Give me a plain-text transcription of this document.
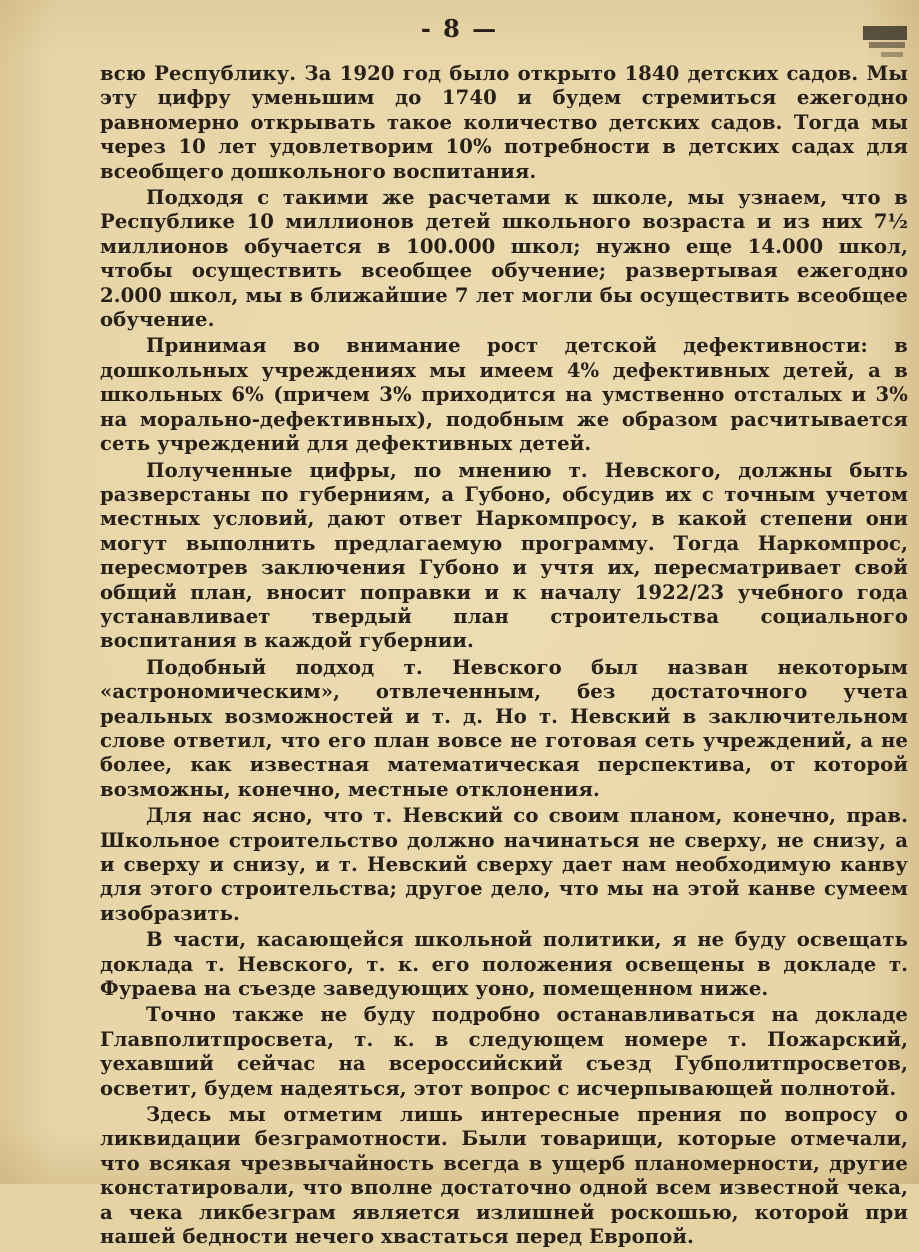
- 8 —

всю Республику. За 1920 год было открыто 1840 детских садов. Мы эту цифру уменьшим до 1740 и будем стремиться ежегодно равномерно открывать такое количество детских садов. Тогда мы через 10 лет удовлетворим 10% потребности в детских садах для всеобщего дошкольного воспитания.

Подходя с такими же расчетами к школе, мы узнаем, что в Республике 10 миллионов детей школьного возраста и из них 7½ миллионов обучается в 100.000 школ; нужно еще 14.000 школ, чтобы осуществить всеобщее обучение; развертывая ежегодно 2.000 школ, мы в ближайшие 7 лет могли бы осуществить всеобщее обучение.

Принимая во внимание рост детской дефективности: в дошкольных учреждениях мы имеем 4% дефективных детей, а в школьных 6% (причем 3% приходится на умственно отсталых и 3% на морально-дефективных), подобным же образом расчитывается сеть учреждений для дефективных детей.

Полученные цифры, по мнению т. Невского, должны быть разверстаны по губерниям, а Губоно, обсудив их с точным учетом местных условий, дают ответ Наркомпросу, в какой степени они могут выполнить предлагаемую программу. Тогда Наркомпрос, пересмотрев заключения Губоно и учтя их, пересматривает свой общий план, вносит поправки и к началу 1922/23 учебного года устанавливает твердый план строительства социального воспитания в каждой губернии.

Подобный подход т. Невского был назван некоторым «астрономическим», отвлеченным, без достаточного учета реальных возможностей и т. д. Но т. Невский в заключительном слове ответил, что его план вовсе не готовая сеть учреждений, а не более, как известная математическая перспектива, от которой возможны, конечно, местные отклонения.

Для нас ясно, что т. Невский со своим планом, конечно, прав. Школьное строительство должно начинаться не сверху, не снизу, а и сверху и снизу, и т. Невский сверху дает нам необходимую канву для этого строительства; другое дело, что мы на этой канве сумеем изобразить.

В части, касающейся школьной политики, я не буду освещать доклада т. Невского, т. к. его положения освещены в докладе т. Фураева на съезде заведующих уоно, помещенном ниже.

Точно также не буду подробно останавливаться на докладе Главполитпросвета, т. к. в следующем номере т. Пожарский, уехавший сейчас на всероссийский съезд Губполитпросветов, осветит, будем надеяться, этот вопрос с исчерпывающей полнотой.

Здесь мы отметим лишь интересные прения по вопросу о ликвидации безграмотности. Были товарищи, которые отмечали, что всякая чрезвычайность всегда в ущерб планомерности, другие констатировали, что вполне достаточно одной всем известной чека, а чека ликбезграм является излишней роскошью, которой при нашей бедности нечего хвастаться перед Европой.
